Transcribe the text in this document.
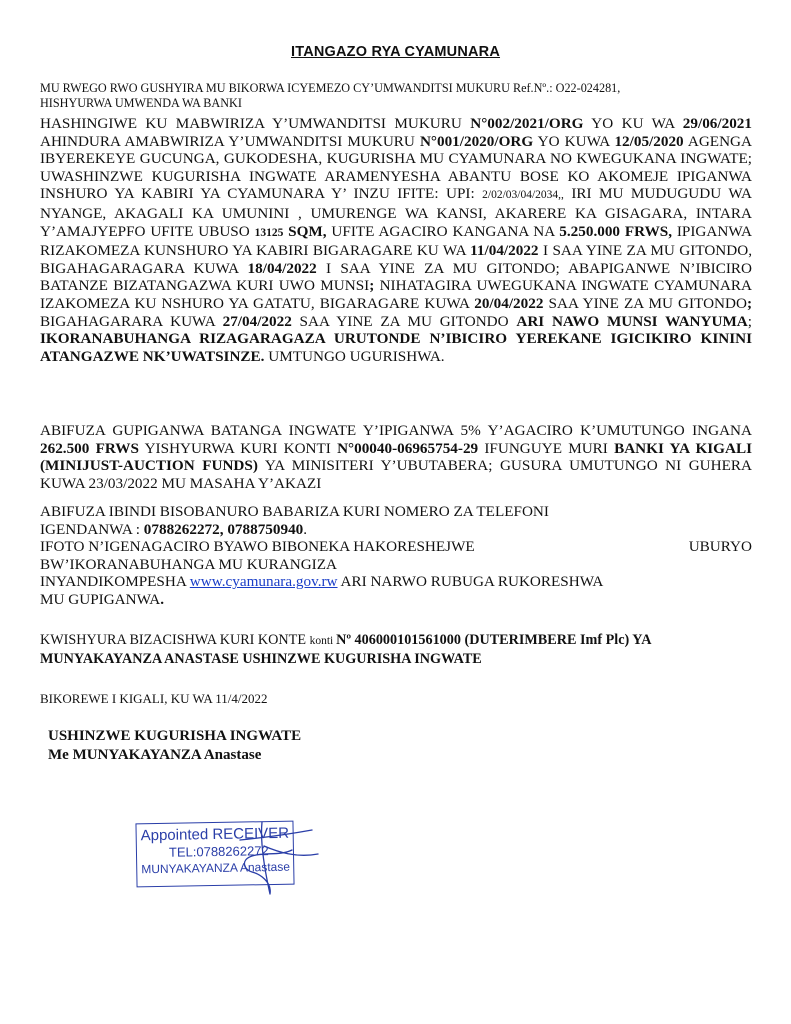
ITANGAZO RYA CYAMUNARA
MU RWEGO RWO GUSHYIRA MU BIKORWA ICYEMEZO CY’UMWANDITSI MUKURU Ref.Nº.: O22-024281,
HISHYURWA UMWENDA WA BANKI
HASHINGIWE KU MABWIRIZA Y’UMWANDITSI MUKURU N°002/2021/ORG YO KU WA 29/06/2021 AHINDURA AMABWIRIZA Y’UMWANDITSI MUKURU N°001/2020/ORG YO KUWA 12/05/2020 AGENGA IBYEREKEYE GUCUNGA, GUKODESHA, KUGURISHA MU CYAMUNARA NO KWEGUKANA INGWATE; UWASHINZWE KUGURISHA INGWATE ARAMENYESHA ABANTU BOSE KO AKOMEJE IPIGANWA INSHURO YA KABIRI YA CYAMUNARA Y’ INZU IFITE: UPI: 2/02/03/04/2034,, IRI MU MUDUGUDU WA NYANGE, AKAGALI KA UMUNINI , UMURENGE WA KANSI, AKARERE KA GISAGARA, INTARA Y’AMAJYEPFO UFITE UBUSO 13125 SQM, UFITE AGACIRO KANGANA NA 5.250.000 FRWS, IPIGANWA RIZAKOMEZA KUNSHURO YA KABIRI BIGARAGARE KU WA 11/04/2022 I SAA YINE ZA MU GITONDO, BIGAHAGARAGARA KUWA 18/04/2022 I SAA YINE ZA MU GITONDO; ABAPIGANWE N’IBICIRO BATANZE BIZATANGAZWA KURI UWO MUNSI; NIHATAGIRA UWEGUKANA INGWATE CYAMUNARA IZAKOMEZA KU NSHURO YA GATATU, BIGARAGARE KUWA 20/04/2022 SAA YINE ZA MU GITONDO; BIGAHAGARARA KUWA 27/04/2022 SAA YINE ZA MU GITONDO ARI NAWO MUNSI WANYUMA; IKORANABUHANGA RIZAGARAGAZA URUTONDE N’IBICIRO YEREKANE IGICIKIRO KININI ATANGAZWE NK’UWATSINZE. UMTUNGO UGURISHWA.
ABIFUZA GUPIGANWA BATANGA INGWATE Y’IPIGANWA 5% Y’AGACIRO K’UMUTUNGO INGANA 262.500 FRWS YISHYURWA KURI KONTI N°00040-06965754-29 IFUNGUYE MURI BANKI YA KIGALI (MINIJUST-AUCTION FUNDS) YA MINISITERI Y’UBUTABERA; GUSURA UMUTUNGO NI GUHERA KUWA 23/03/2022 MU MASAHA Y’AKAZI
ABIFUZA IBINDI BISOBANURO BABARIZA KURI NOMERO ZA TELEFONI
IGENDANWA : 0788262272, 0788750940.
IFOTO N’IGENAGACIRO BYAWO BIBONEKA HAKORESHEJWE	UBURYO
BW’IKORANABUHANGA MU KURANGIZA
INYANDIKOMPESHA www.cyamunara.gov.rw ARI NARWO RUBUGA RUKORESHWA
MU GUPIGANWA.
KWISHYURA BIZACISHWA KURI KONTE konti Nº 406000101561000 (DUTERIMBERE Imf Plc) YA
MUNYAKAYANZA ANASTASE USHINZWE KUGURISHA INGWATE
BIKOREWE I KIGALI, KU WA 11/4/2022
USHINZWE KUGURISHA INGWATE
Me MUNYAKAYANZA Anastase
Appointed RECEIVER
TEL:0788262272
MUNYAKAYANZA Anastase
